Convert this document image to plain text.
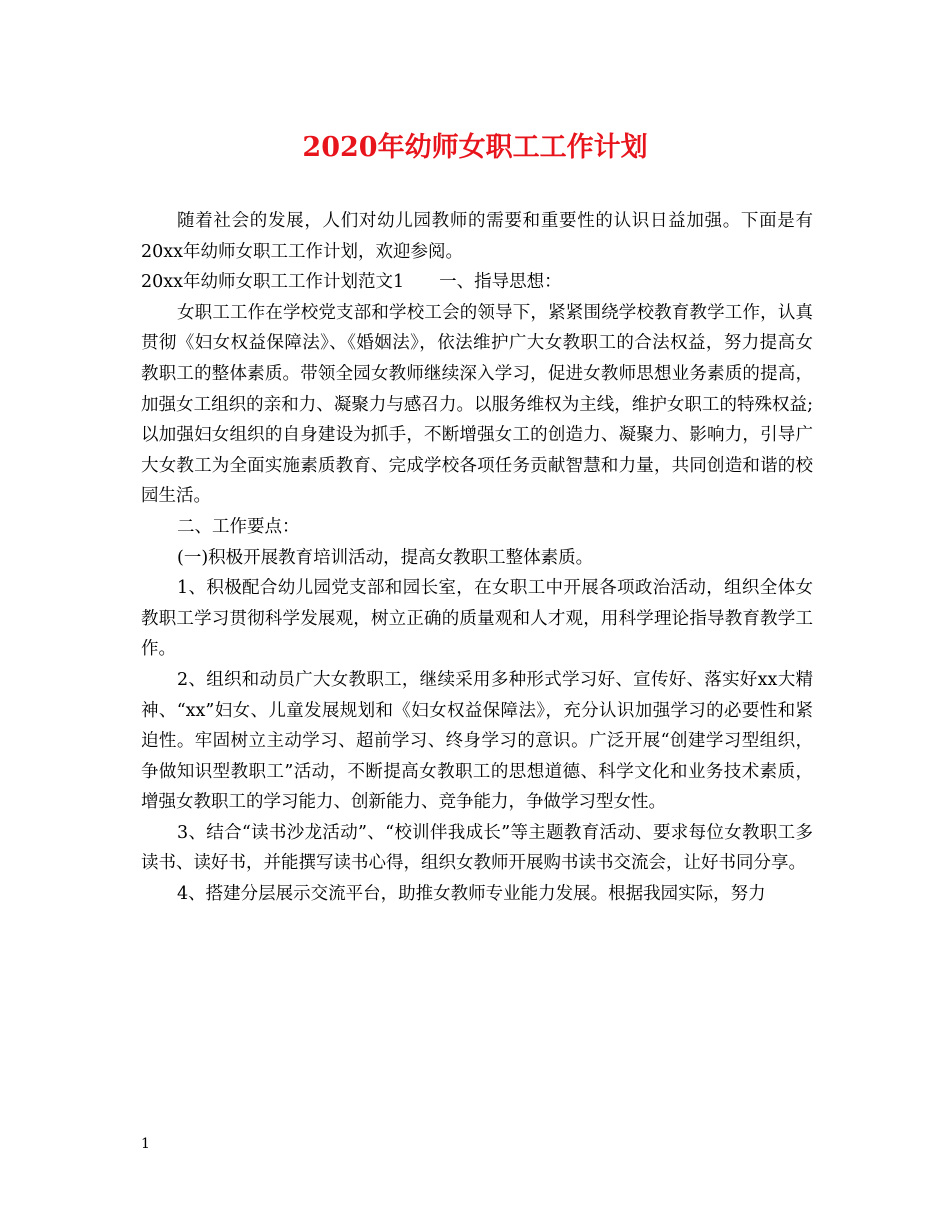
2020年幼师女职工工作计划

随着社会的发展，人们对幼儿园教师的需要和重要性的认识日益加强。下面是有20xx年幼师女职工工作计划，欢迎参阅。

20xx年幼师女职工工作计划范文1　　一、指导思想：

女职工工作在学校党支部和学校工会的领导下，紧紧围绕学校教育教学工作，认真贯彻《妇女权益保障法》、《婚姻法》，依法维护广大女教职工的合法权益，努力提高女教职工的整体素质。带领全园女教师继续深入学习，促进女教师思想业务素质的提高，加强女工组织的亲和力、凝聚力与感召力。以服务维权为主线，维护女职工的特殊权益;以加强妇女组织的自身建设为抓手，不断增强女工的创造力、凝聚力、影响力，引导广大女教工为全面实施素质教育、完成学校各项任务贡献智慧和力量，共同创造和谐的校园生活。

二、工作要点：

(一)积极开展教育培训活动，提高女教职工整体素质。

1、积极配合幼儿园党支部和园长室，在女职工中开展各项政治活动，组织全体女教职工学习贯彻科学发展观，树立正确的质量观和人才观，用科学理论指导教育教学工作。

2、组织和动员广大女教职工，继续采用多种形式学习好、宣传好、落实好xx大精神、“xx”妇女、儿童发展规划和《妇女权益保障法》，充分认识加强学习的必要性和紧迫性。牢固树立主动学习、超前学习、终身学习的意识。广泛开展“创建学习型组织，争做知识型教职工”活动，不断提高女教职工的思想道德、科学文化和业务技术素质，增强女教职工的学习能力、创新能力、竞争能力，争做学习型女性。

3、结合“读书沙龙活动”、“校训伴我成长”等主题教育活动、要求每位女教职工多读书、读好书，并能撰写读书心得，组织女教师开展购书读书交流会，让好书同分享。

4、搭建分层展示交流平台，助推女教师专业能力发展。根据我园实际，努力

1
